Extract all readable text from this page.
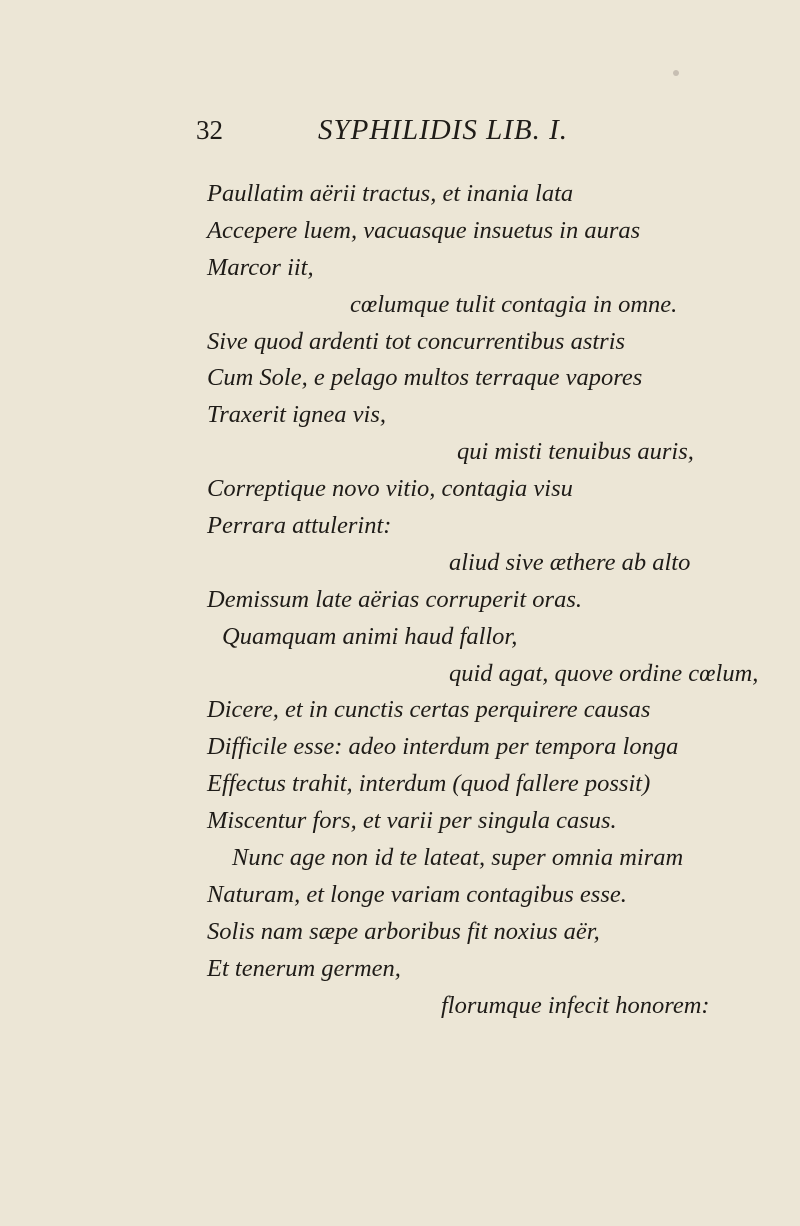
32	SYPHILIDIS LIB. I.
Paullatim aërii tractus, et inania lata
Accepere luem, vacuasque insuetus in auras
Marcor iit,
cœlumque tulit contagia in omne.
Sive quod ardenti tot concurrentibus astris
Cum Sole, e pelago multos terraque vapores
Traxerit ignea vis,
qui misti tenuibus auris,
Correptique novo vitio, contagia visu
Perrara attulerint:
aliud sive æthere ab alto
Demissum late aërias corruperit oras.
Quamquam animi haud fallor,
quid agat, quove ordine cœlum,
Dicere, et in cunctis certas perquirere causas
Difficile esse: adeo interdum per tempora longa
Effectus trahit, interdum (quod fallere possit)
Miscentur fors, et varii per singula casus.
Nunc age non id te lateat, super omnia miram
Naturam, et longe variam contagibus esse.
Solis nam sæpe arboribus fit noxius aër,
Et tenerum germen,
florumque infecit honorem:
